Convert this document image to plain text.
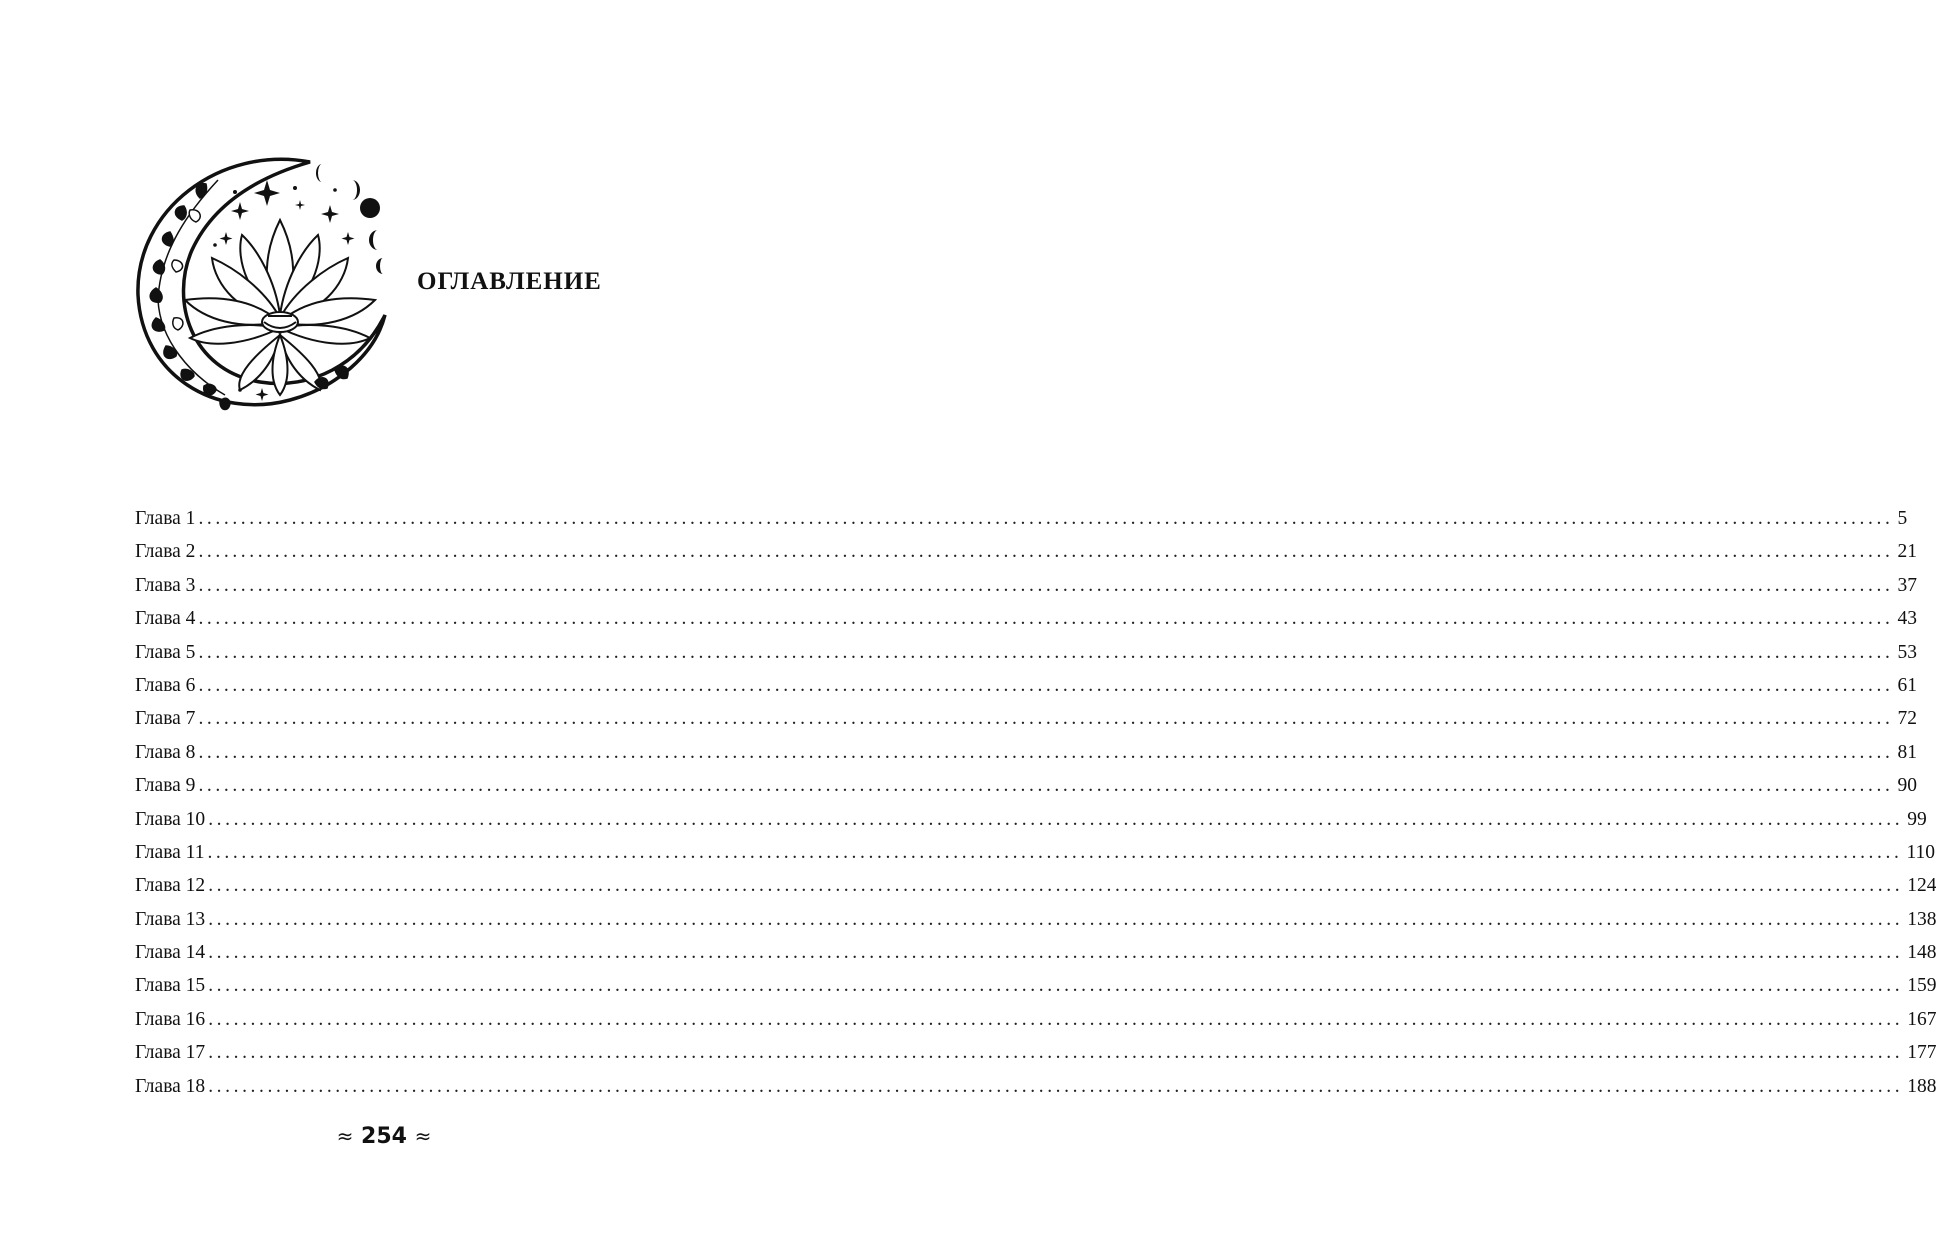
ОГЛАВЛЕНИЕ
Глава 1 ........................................................................................................................................................................................................ 5
Глава 2 ........................................................................................................................................................................................................ 21
Глава 3 ........................................................................................................................................................................................................ 37
Глава 4 ........................................................................................................................................................................................................ 43
Глава 5 ........................................................................................................................................................................................................ 53
Глава 6 ........................................................................................................................................................................................................ 61
Глава 7 ........................................................................................................................................................................................................ 72
Глава 8 ........................................................................................................................................................................................................ 81
Глава 9 ........................................................................................................................................................................................................ 90
Глава 10 ........................................................................................................................................................................................................ 99
Глава 11 ........................................................................................................................................................................................................ 110
Глава 12 ........................................................................................................................................................................................................ 124
Глава 13 ........................................................................................................................................................................................................ 138
Глава 14 ........................................................................................................................................................................................................ 148
Глава 15 ........................................................................................................................................................................................................ 159
Глава 16 ........................................................................................................................................................................................................ 167
Глава 17 ........................................................................................................................................................................................................ 177
Глава 18 ........................................................................................................................................................................................................ 188
≈ 254 ≈
